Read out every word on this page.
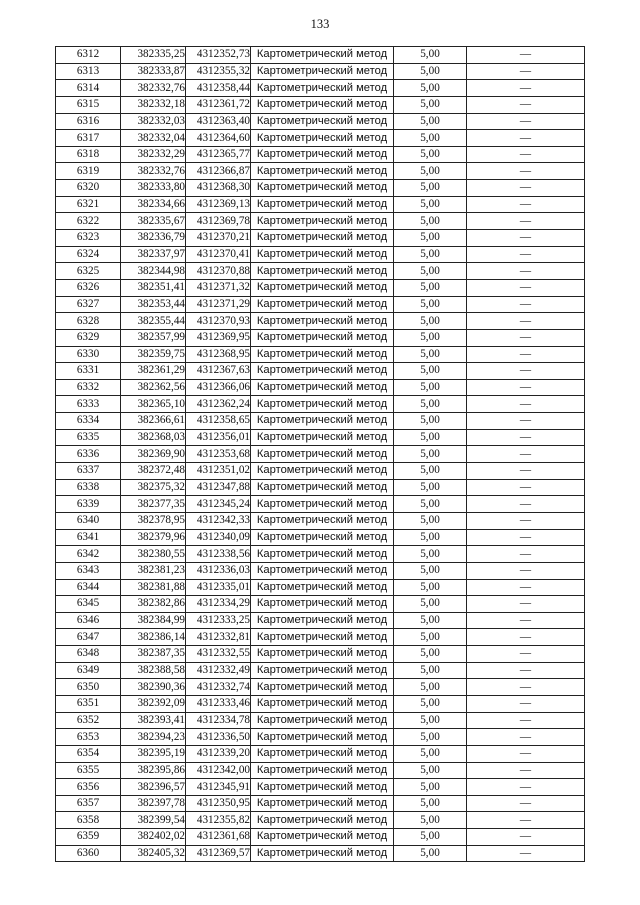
133
6312	382335,25	4312352,73	Картометрический метод	5,00	—
6313	382333,87	4312355,32	Картометрический метод	5,00	—
6314	382332,76	4312358,44	Картометрический метод	5,00	—
6315	382332,18	4312361,72	Картометрический метод	5,00	—
6316	382332,03	4312363,40	Картометрический метод	5,00	—
6317	382332,04	4312364,60	Картометрический метод	5,00	—
6318	382332,29	4312365,77	Картометрический метод	5,00	—
6319	382332,76	4312366,87	Картометрический метод	5,00	—
6320	382333,80	4312368,30	Картометрический метод	5,00	—
6321	382334,66	4312369,13	Картометрический метод	5,00	—
6322	382335,67	4312369,78	Картометрический метод	5,00	—
6323	382336,79	4312370,21	Картометрический метод	5,00	—
6324	382337,97	4312370,41	Картометрический метод	5,00	—
6325	382344,98	4312370,88	Картометрический метод	5,00	—
6326	382351,41	4312371,32	Картометрический метод	5,00	—
6327	382353,44	4312371,29	Картометрический метод	5,00	—
6328	382355,44	4312370,93	Картометрический метод	5,00	—
6329	382357,99	4312369,95	Картометрический метод	5,00	—
6330	382359,75	4312368,95	Картометрический метод	5,00	—
6331	382361,29	4312367,63	Картометрический метод	5,00	—
6332	382362,56	4312366,06	Картометрический метод	5,00	—
6333	382365,10	4312362,24	Картометрический метод	5,00	—
6334	382366,61	4312358,65	Картометрический метод	5,00	—
6335	382368,03	4312356,01	Картометрический метод	5,00	—
6336	382369,90	4312353,68	Картометрический метод	5,00	—
6337	382372,48	4312351,02	Картометрический метод	5,00	—
6338	382375,32	4312347,88	Картометрический метод	5,00	—
6339	382377,35	4312345,24	Картометрический метод	5,00	—
6340	382378,95	4312342,33	Картометрический метод	5,00	—
6341	382379,96	4312340,09	Картометрический метод	5,00	—
6342	382380,55	4312338,56	Картометрический метод	5,00	—
6343	382381,23	4312336,03	Картометрический метод	5,00	—
6344	382381,88	4312335,01	Картометрический метод	5,00	—
6345	382382,86	4312334,29	Картометрический метод	5,00	—
6346	382384,99	4312333,25	Картометрический метод	5,00	—
6347	382386,14	4312332,81	Картометрический метод	5,00	—
6348	382387,35	4312332,55	Картометрический метод	5,00	—
6349	382388,58	4312332,49	Картометрический метод	5,00	—
6350	382390,36	4312332,74	Картометрический метод	5,00	—
6351	382392,09	4312333,46	Картометрический метод	5,00	—
6352	382393,41	4312334,78	Картометрический метод	5,00	—
6353	382394,23	4312336,50	Картометрический метод	5,00	—
6354	382395,19	4312339,20	Картометрический метод	5,00	—
6355	382395,86	4312342,00	Картометрический метод	5,00	—
6356	382396,57	4312345,91	Картометрический метод	5,00	—
6357	382397,78	4312350,95	Картометрический метод	5,00	—
6358	382399,54	4312355,82	Картометрический метод	5,00	—
6359	382402,02	4312361,68	Картометрический метод	5,00	—
6360	382405,32	4312369,57	Картометрический метод	5,00	—
